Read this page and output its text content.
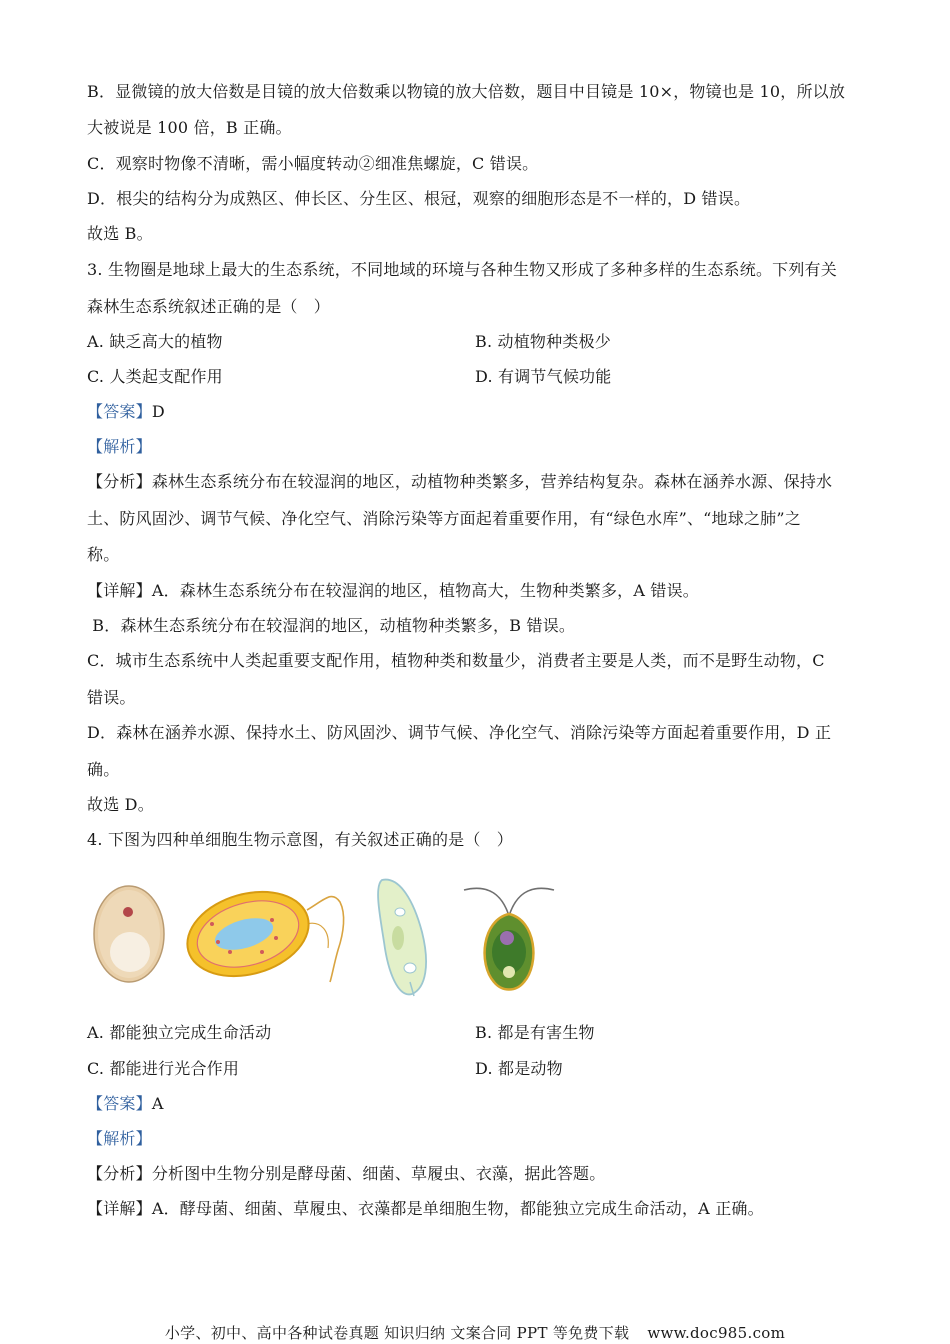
B．显微镜的放大倍数是目镜的放大倍数乘以物镜的放大倍数，题目中目镜是 10×，物镜也是 10，所以放
大被说是 100 倍，B 正确。
C．观察时物像不清晰，需小幅度转动②细准焦螺旋，C 错误。
D．根尖的结构分为成熟区、伸长区、分生区、根冠，观察的细胞形态是不一样的，D 错误。
故选 B。
3. 生物圈是地球上最大的生态系统，不同地域的环境与各种生物又形成了多种多样的生态系统。下列有关
森林生态系统叙述正确的是（　）
A. 缺乏高大的植物	B. 动植物种类极少
C. 人类起支配作用	D. 有调节气候功能
【答案】D
【解析】
【分析】森林生态系统分布在较湿润的地区，动植物种类繁多，营养结构复杂。森林在涵养水源、保持水
土、防风固沙、调节气候、净化空气、消除污染等方面起着重要作用，有“绿色水库”、“地球之肺”之
称。
【详解】A．森林生态系统分布在较湿润的地区，植物高大，生物种类繁多，A 错误。
B．森林生态系统分布在较湿润的地区，动植物种类繁多，B 错误。
C．城市生态系统中人类起重要支配作用，植物种类和数量少，消费者主要是人类，而不是野生动物，C
错误。
D．森林在涵养水源、保持水土、防风固沙、调节气候、净化空气、消除污染等方面起着重要作用，D 正
确。
故选 D。
4. 下图为四种单细胞生物示意图，有关叙述正确的是（　）
A. 都能独立完成生命活动	B. 都是有害生物
C. 都能进行光合作用	D. 都是动物
【答案】A
【解析】
【分析】分析图中生物分别是酵母菌、细菌、草履虫、衣藻，据此答题。
【详解】A．酵母菌、细菌、草履虫、衣藻都是单细胞生物，都能独立完成生命活动，A 正确。
小学、初中、高中各种试卷真题 知识归纳 文案合同 PPT 等免费下载 www.doc985.com
